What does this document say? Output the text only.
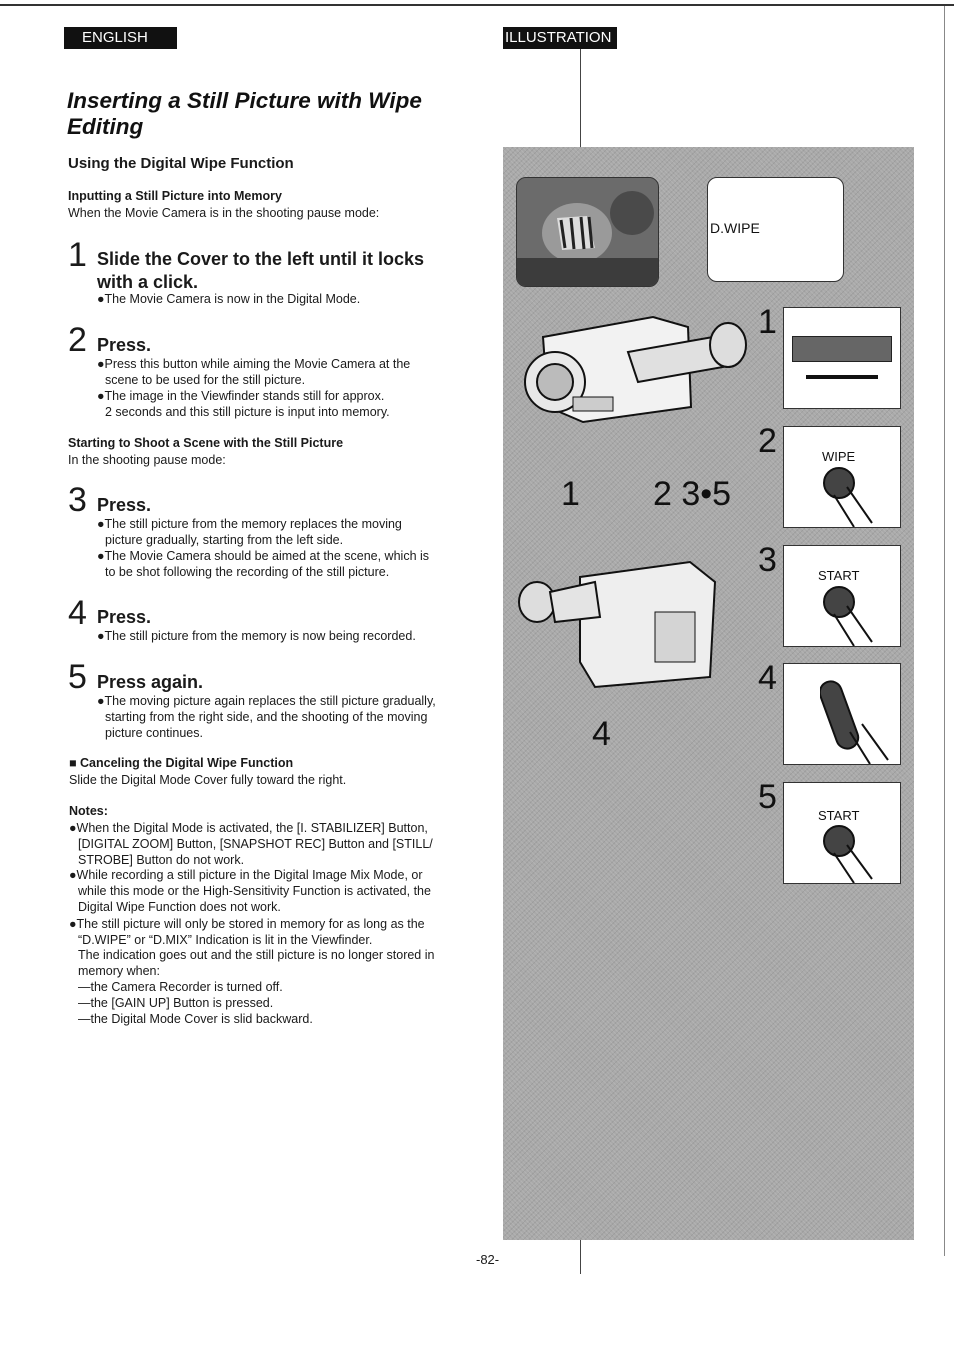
ENGLISH	ILLUSTRATION
Inserting a Still Picture with Wipe
Editing
Using the Digital Wipe Function
Inputting a Still Picture into Memory
When the Movie Camera is in the shooting pause mode:
1 Slide the Cover to the left until it locks
with a click.
●The Movie Camera is now in the Digital Mode.
2 Press.
●Press this button while aiming the Movie Camera at the
scene to be used for the still picture.
●The image in the Viewfinder stands still for approx.
2 seconds and this still picture is input into memory.
Starting to Shoot a Scene with the Still Picture
In the shooting pause mode:
3 Press.
●The still picture from the memory replaces the moving
picture gradually, starting from the left side.
●The Movie Camera should be aimed at the scene, which is
to be shot following the recording of the still picture.
4 Press.
●The still picture from the memory is now being recorded.
5 Press again.
●The moving picture again replaces the still picture gradually,
starting from the right side, and the shooting of the moving
picture continues.
■ Canceling the Digital Wipe Function
Slide the Digital Mode Cover fully toward the right.
Notes:
●When the Digital Mode is activated, the [I. STABILIZER] Button,
[DIGITAL ZOOM] Button, [SNAPSHOT REC] Button and [STILL/
STROBE] Button do not work.
●While recording a still picture in the Digital Image Mix Mode, or
while this mode or the High-Sensitivity Function is activated, the
Digital Wipe Function does not work.
●The still picture will only be stored in memory for as long as the
“D.WIPE” or “D.MIX” Indication is lit in the Viewfinder.
The indication goes out and the still picture is no longer stored in
memory when:
—the Camera Recorder is turned off.
—the [GAIN UP] Button is pressed.
—the Digital Mode Cover is slid backward.
D.WIPE
1 2 3•5
4
1
2	WIPE
3	START
4
5	START
-82-
